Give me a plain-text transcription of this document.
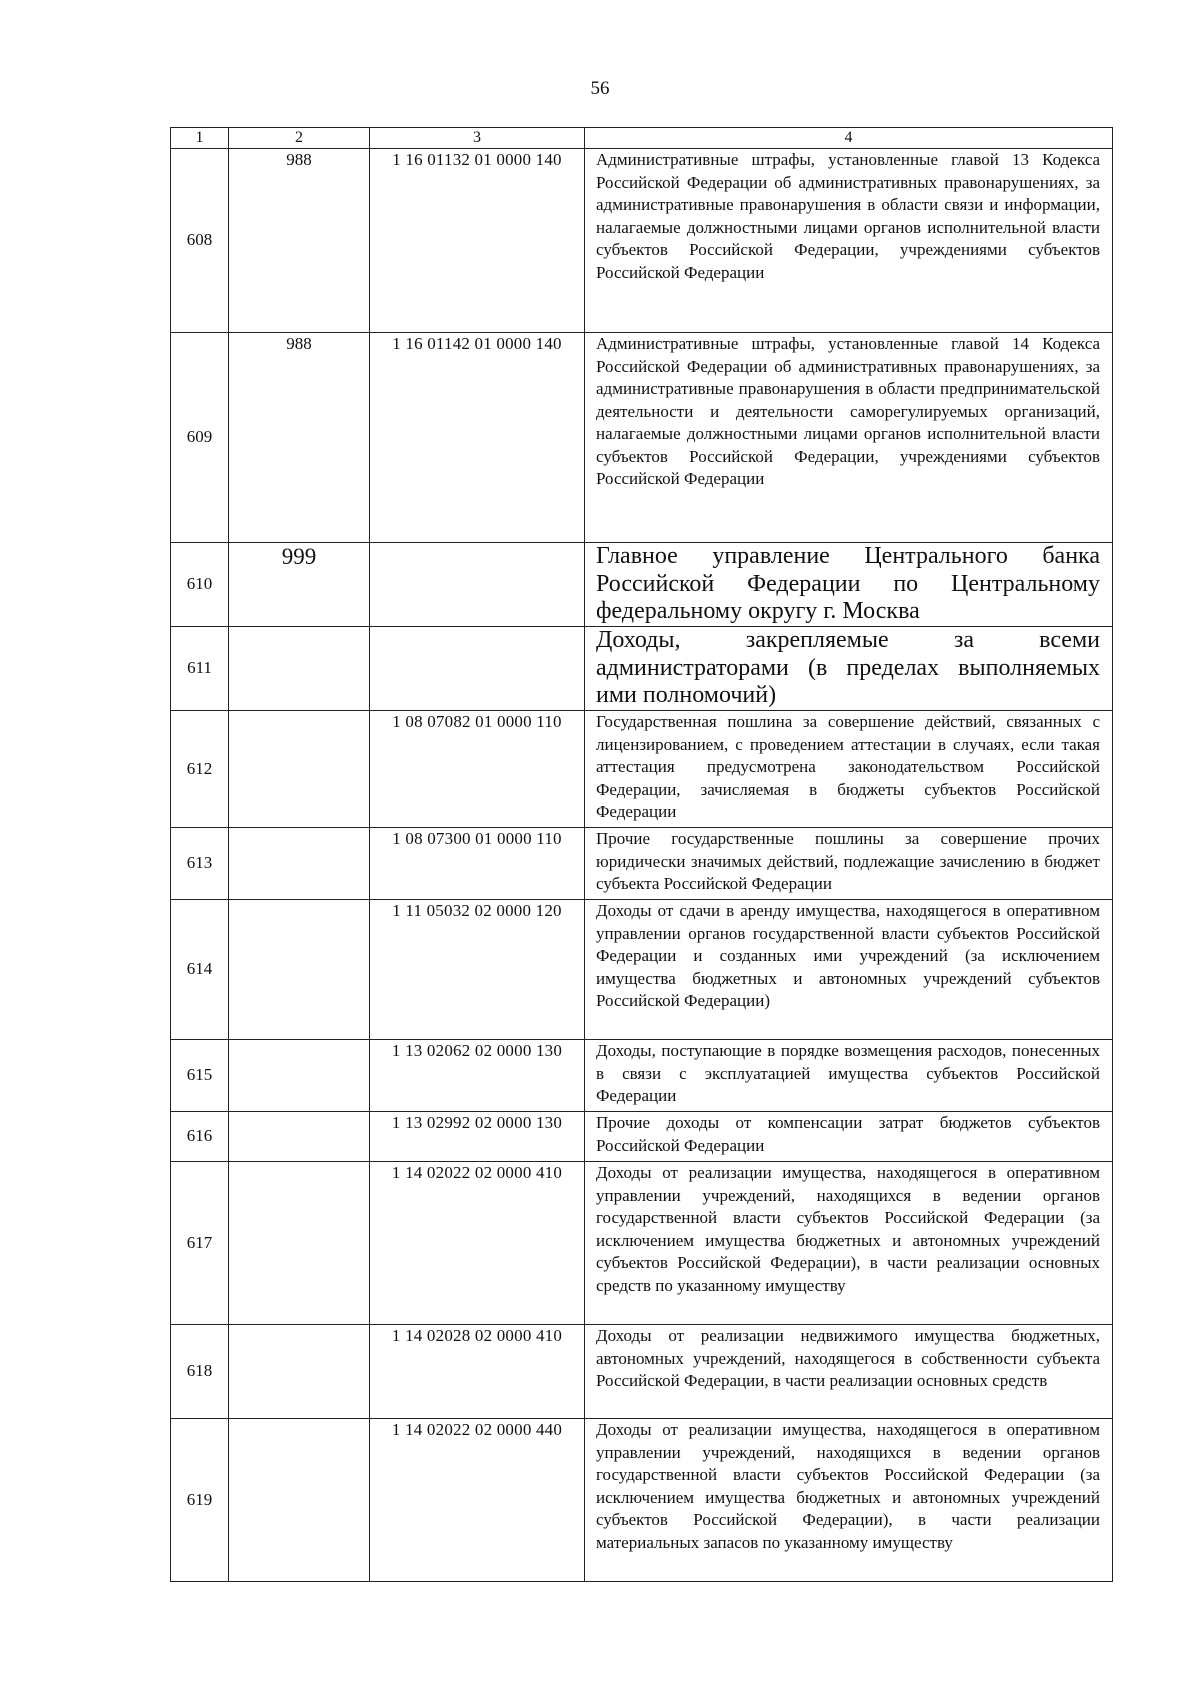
56
1	2	3	4
608	988	1 16 01132 01 0000 140	Административные штрафы, установленные главой 13 Кодекса Российской Федерации об административных правонарушениях, за административные правонарушения в области связи и информации, налагаемые должностными лицами органов исполнительной власти субъектов Российской Федерации, учреждениями субъектов Российской Федерации
609	988	1 16 01142 01 0000 140	Административные штрафы, установленные главой 14 Кодекса Российской Федерации об административных правонарушениях, за административные правонарушения в области предпринимательской деятельности и деятельности саморегулируемых организаций, налагаемые должностными лицами органов исполнительной власти субъектов Российской Федерации, учреждениями субъектов Российской Федерации
610	999		Главное управление Центрального банка Российской Федерации по Центральному федеральному округу г. Москва
611			Доходы, закрепляемые за всеми администраторами (в пределах выполняемых ими полномочий)
612		1 08 07082 01 0000 110	Государственная пошлина за совершение действий, связанных с лицензированием, с проведением аттестации в случаях, если такая аттестация предусмотрена законодательством Российской Федерации, зачисляемая в бюджеты субъектов Российской Федерации
613		1 08 07300 01 0000 110	Прочие государственные пошлины за совершение прочих юридически значимых действий, подлежащие зачислению в бюджет субъекта Российской Федерации
614		1 11 05032 02 0000 120	Доходы от сдачи в аренду имущества, находящегося в оперативном управлении органов государственной власти субъектов Российской Федерации и созданных ими учреждений (за исключением имущества бюджетных и автономных учреждений субъектов Российской Федерации)
615		1 13 02062 02 0000 130	Доходы, поступающие в порядке возмещения расходов, понесенных в связи с эксплуатацией имущества субъектов Российской Федерации
616		1 13 02992 02 0000 130	Прочие доходы от компенсации затрат бюджетов субъектов Российской Федерации
617		1 14 02022 02 0000 410	Доходы от реализации имущества, находящегося в оперативном управлении учреждений, находящихся в ведении органов государственной власти субъектов Российской Федерации (за исключением имущества бюджетных и автономных учреждений субъектов Российской Федерации), в части реализации основных средств по указанному имуществу
618		1 14 02028 02 0000 410	Доходы от реализации недвижимого имущества бюджетных, автономных учреждений, находящегося в собственности субъекта Российской Федерации, в части реализации основных средств
619		1 14 02022 02 0000 440	Доходы от реализации имущества, находящегося в оперативном управлении учреждений, находящихся в ведении органов государственной власти субъектов Российской Федерации (за исключением имущества бюджетных и автономных учреждений субъектов Российской Федерации), в части реализации материальных запасов по указанному имуществу
